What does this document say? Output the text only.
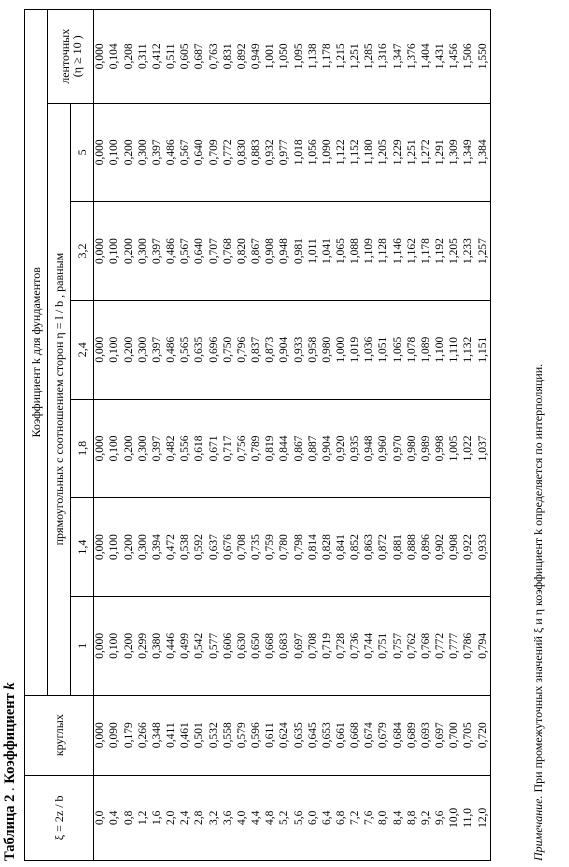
Таблица 2 . Коэффициент k
ξ = 2z / b	круглых	Коэффициент k для фундаментов						
		прямоугольных с соотношением сторон η = l / b , равным						ленточных
(η ≥ 10 )

		1	1,4	1,8	2,4	3,2	5	
0,0	0,000	0,000	0,000	0,000	0,000	0,000	0,000	0,000
0,4	0,090	0,100	0,100	0,100	0,100	0,100	0,100	0,104
0,8	0,179	0,200	0,200	0,200	0,200	0,200	0,200	0,208
1,2	0,266	0,299	0,300	0,300	0,300	0,300	0,300	0,311
1,6	0,348	0,380	0,394	0,397	0,397	0,397	0,397	0,412
2,0	0,411	0,446	0,472	0,482	0,486	0,486	0,486	0,511
2,4	0,461	0,499	0,538	0,556	0,565	0,567	0,567	0,605
2,8	0,501	0,542	0,592	0,618	0,635	0,640	0,640	0,687
3,2	0,532	0,577	0,637	0,671	0,696	0,707	0,709	0,763
3,6	0,558	0,606	0,676	0,717	0,750	0,768	0,772	0,831
4,0	0,579	0,630	0,708	0,756	0,796	0,820	0,830	0,892
4,4	0,596	0,650	0,735	0,789	0,837	0,867	0,883	0,949
4,8	0,611	0,668	0,759	0,819	0,873	0,908	0,932	1,001
5,2	0,624	0,683	0,780	0,844	0,904	0,948	0,977	1,050
5,6	0,635	0,697	0,798	0,867	0,933	0,981	1,018	1,095
6,0	0,645	0,708	0,814	0,887	0,958	1,011	1,056	1,138
6,4	0,653	0,719	0,828	0,904	0,980	1,041	1,090	1,178
6,8	0,661	0,728	0,841	0,920	1,000	1,065	1,122	1,215
7,2	0,668	0,736	0,852	0,935	1,019	1,088	1,152	1,251
7,6	0,674	0,744	0,863	0,948	1,036	1,109	1,180	1,285
8,0	0,679	0,751	0,872	0,960	1,051	1,128	1,205	1,316
8,4	0,684	0,757	0,881	0,970	1,065	1,146	1,229	1,347
8,8	0,689	0,762	0,888	0,980	1,078	1,162	1,251	1,376
9,2	0,693	0,768	0,896	0,989	1,089	1,178	1,272	1,404
9,6	0,697	0,772	0,902	0,998	1,100	1,192	1,291	1,431
10,0	0,700	0,777	0,908	1,005	1,110	1,205	1,309	1,456
11,0	0,705	0,786	0,922	1,022	1,132	1,233	1,349	1,506
12,0	0,720	0,794	0,933	1,037	1,151	1,257	1,384	1,550
Примечание. При промежуточных значений ξ и η коэффициент k определяется по интерполяции.
